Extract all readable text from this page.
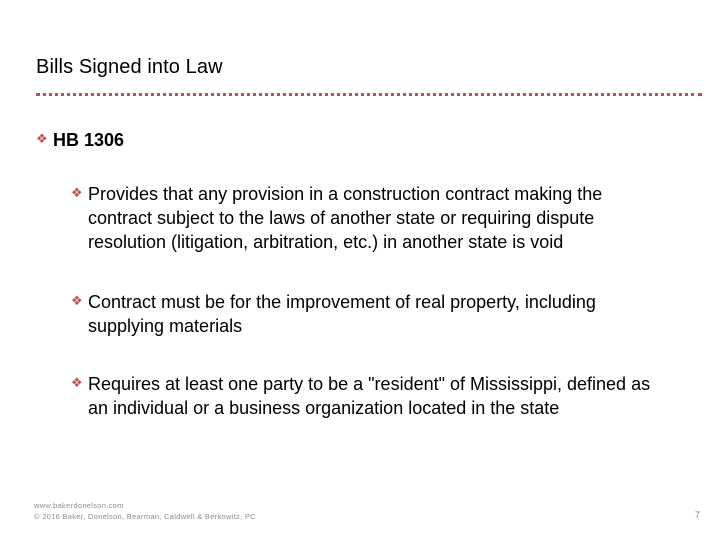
Bills Signed into Law
❖ HB 1306
❖ Provides that any provision in a construction contract making the contract subject to the laws of another state or requiring dispute resolution (litigation, arbitration, etc.) in another state is void
❖ Contract must be for the improvement of real property, including supplying materials
❖ Requires at least one party to be a "resident" of Mississippi, defined as an individual or a business organization located in the state
www.bakerdonelson.com
© 2016 Baker, Donelson, Bearman, Caldwell & Berkowitz, PC	7
